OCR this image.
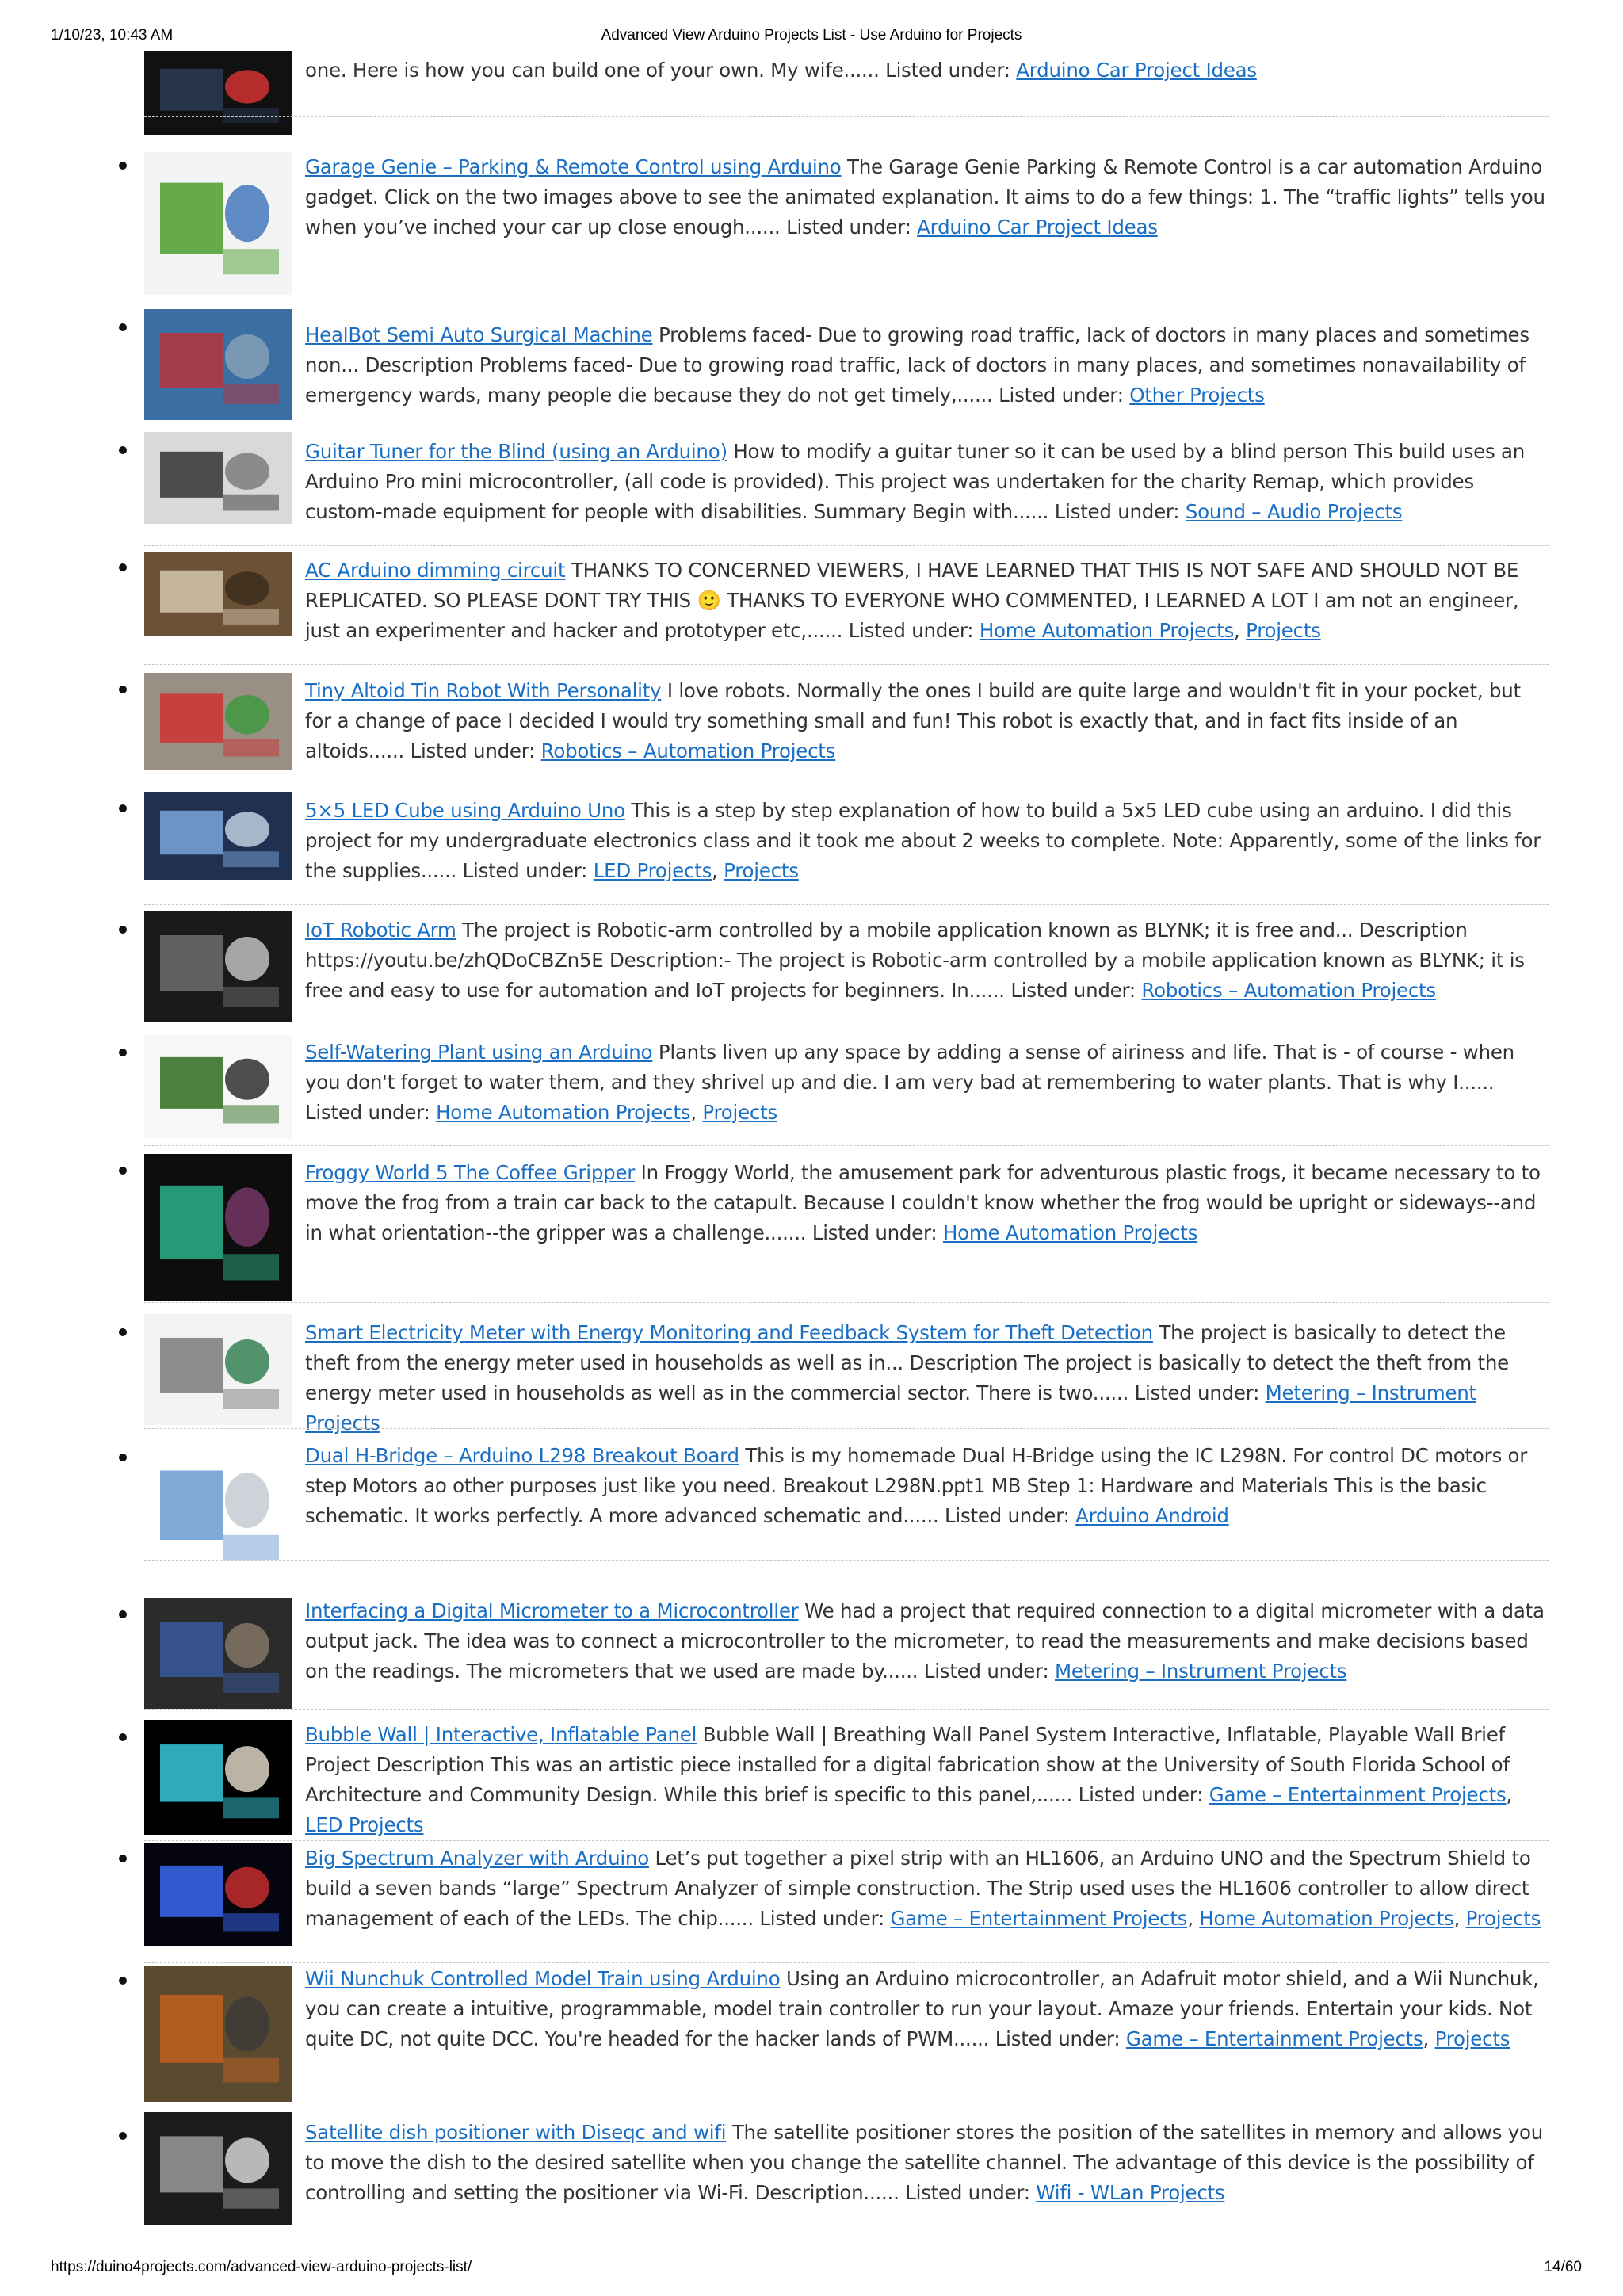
1/10/23, 10:43 AM	Advanced View Arduino Projects List - Use Arduino for Projects
one. Here is how you can build one of your own. My wife...... Listed under: Arduino Car Project Ideas
Garage Genie – Parking & Remote Control using Arduino The Garage Genie Parking & Remote Control is a car automation Arduino gadget. Click on the two images above to see the animated explanation. It aims to do a few things: 1. The “traffic lights” tells you when you’ve inched your car up close enough...... Listed under: Arduino Car Project Ideas
HealBot Semi Auto Surgical Machine Problems faced- Due to growing road traffic, lack of doctors in many places and sometimes non... Description Problems faced- Due to growing road traffic, lack of doctors in many places, and sometimes nonavailability of emergency wards, many people die because they do not get timely,...... Listed under: Other Projects
Guitar Tuner for the Blind (using an Arduino) How to modify a guitar tuner so it can be used by a blind person This build uses an Arduino Pro mini microcontroller, (all code is provided). This project was undertaken for the charity Remap, which provides custom-made equipment for people with disabilities. Summary Begin with...... Listed under: Sound – Audio Projects
AC Arduino dimming circuit THANKS TO CONCERNED VIEWERS, I HAVE LEARNED THAT THIS IS NOT SAFE AND SHOULD NOT BE REPLICATED. SO PLEASE DONT TRY THIS 🙂 THANKS TO EVERYONE WHO COMMENTED, I LEARNED A LOT I am not an engineer, just an experimenter and hacker and prototyper etc,...... Listed under: Home Automation Projects, Projects
Tiny Altoid Tin Robot With Personality I love robots. Normally the ones I build are quite large and wouldn't fit in your pocket, but for a change of pace I decided I would try something small and fun! This robot is exactly that, and in fact fits inside of an altoids...... Listed under: Robotics – Automation Projects
5×5 LED Cube using Arduino Uno This is a step by step explanation of how to build a 5x5 LED cube using an arduino. I did this project for my undergraduate electronics class and it took me about 2 weeks to complete. Note: Apparently, some of the links for the supplies...... Listed under: LED Projects, Projects
IoT Robotic Arm The project is Robotic-arm controlled by a mobile application known as BLYNK; it is free and... Description https://youtu.be/zhQDoCBZn5E Description:- The project is Robotic-arm controlled by a mobile application known as BLYNK; it is free and easy to use for automation and IoT projects for beginners. In...... Listed under: Robotics – Automation Projects
Self-Watering Plant using an Arduino Plants liven up any space by adding a sense of airiness and life. That is - of course - when you don't forget to water them, and they shrivel up and die. I am very bad at remembering to water plants. That is why I...... Listed under: Home Automation Projects, Projects
Froggy World 5 The Coffee Gripper In Froggy World, the amusement park for adventurous plastic frogs, it became necessary to to move the frog from a train car back to the catapult. Because I couldn't know whether the frog would be upright or sideways--and in what orientation--the gripper was a challenge....... Listed under: Home Automation Projects
Smart Electricity Meter with Energy Monitoring and Feedback System for Theft Detection The project is basically to detect the theft from the energy meter used in households as well as in... Description The project is basically to detect the theft from the energy meter used in households as well as in the commercial sector. There is two...... Listed under: Metering – Instrument Projects
Dual H-Bridge – Arduino L298 Breakout Board This is my homemade Dual H-Bridge using the IC L298N. For control DC motors or step Motors ao other purposes just like you need. Breakout L298N.ppt1 MB Step 1: Hardware and Materials This is the basic schematic. It works perfectly. A more advanced schematic and...... Listed under: Arduino Android
Interfacing a Digital Micrometer to a Microcontroller We had a project that required connection to a digital micrometer with a data output jack. The idea was to connect a microcontroller to the micrometer, to read the measurements and make decisions based on the readings. The micrometers that we used are made by...... Listed under: Metering – Instrument Projects
Bubble Wall | Interactive, Inflatable Panel Bubble Wall | Breathing Wall Panel System Interactive, Inflatable, Playable Wall Brief Project Description This was an artistic piece installed for a digital fabrication show at the University of South Florida School of Architecture and Community Design. While this brief is specific to this panel,...... Listed under: Game – Entertainment Projects, LED Projects
Big Spectrum Analyzer with Arduino Let’s put together a pixel strip with an HL1606, an Arduino UNO and the Spectrum Shield to build a seven bands “large” Spectrum Analyzer of simple construction. The Strip used uses the HL1606 controller to allow direct management of each of the LEDs. The chip...... Listed under: Game – Entertainment Projects, Home Automation Projects, Projects
Wii Nunchuk Controlled Model Train using Arduino Using an Arduino microcontroller, an Adafruit motor shield, and a Wii Nunchuk, you can create a intuitive, programmable, model train controller to run your layout. Amaze your friends. Entertain your kids. Not quite DC, not quite DCC. You're headed for the hacker lands of PWM...... Listed under: Game – Entertainment Projects, Projects
Satellite dish positioner with Diseqc and wifi The satellite positioner stores the position of the satellites in memory and allows you to move the dish to the desired satellite when you change the satellite channel. The advantage of this device is the possibility of controlling and setting the positioner via Wi-Fi. Description...... Listed under: Wifi - WLan Projects
https://duino4projects.com/advanced-view-arduino-projects-list/	14/60
